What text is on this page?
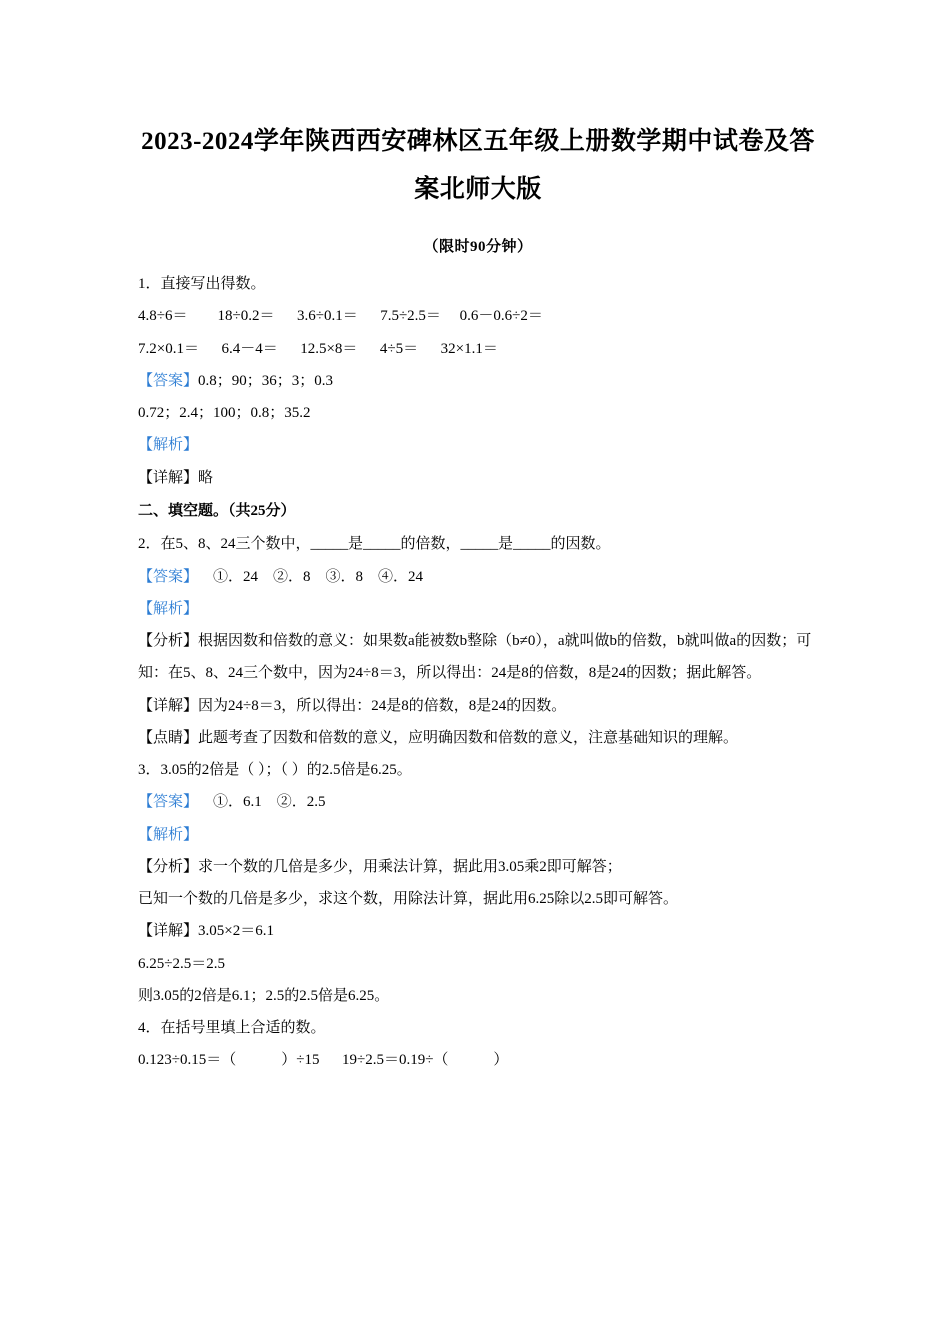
2023-2024学年陕西西安碑林区五年级上册数学期中试卷及答案北师大版
（限时90分钟）
1．直接写出得数。
4.8÷6＝        18÷0.2＝      3.6÷0.1＝      7.5÷2.5＝     0.6－0.6÷2＝
7.2×0.1＝      6.4－4＝      12.5×8＝      4÷5＝      32×1.1＝
【答案】0.8；90；36；3；0.3
0.72；2.4；100；0.8；35.2
【解析】
【详解】略
二、填空题。（共25分）
2．在5、8、24三个数中，_____是_____的倍数，_____是_____的因数。
【答案】    ①．24    ②．8    ③．8    ④．24
【解析】
【分析】根据因数和倍数的意义：如果数a能被数b整除（b≠0），a就叫做b的倍数，b就叫做a的因数；可知：在5、8、24三个数中，因为24÷8＝3，所以得出：24是8的倍数，8是24的因数；据此解答。
【详解】因为24÷8＝3，所以得出：24是8的倍数，8是24的因数。
【点睛】此题考查了因数和倍数的意义，应明确因数和倍数的意义，注意基础知识的理解。
3．3.05的2倍是（ ）；（ ）的2.5倍是6.25。
【答案】    ①．6.1    ②．2.5
【解析】
【分析】求一个数的几倍是多少，用乘法计算，据此用3.05乘2即可解答；
已知一个数的几倍是多少，求这个数，用除法计算，据此用6.25除以2.5即可解答。
【详解】3.05×2＝6.1
6.25÷2.5＝2.5
则3.05的2倍是6.1；2.5的2.5倍是6.25。
4．在括号里填上合适的数。
0.123÷0.15＝（            ）÷15      19÷2.5＝0.19÷（            ）
